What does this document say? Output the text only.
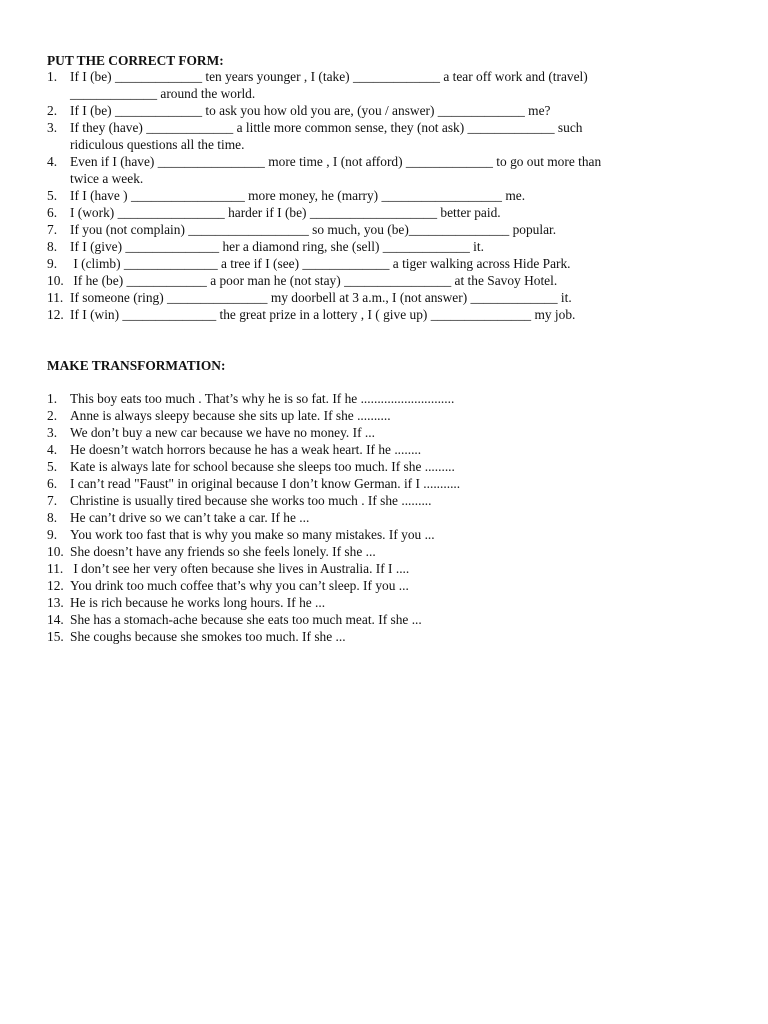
PUT THE CORRECT FORM:
1. If I (be) _____________ ten years younger , I (take) _____________ a tear off work and (travel)
_____________ around the world.
2. If I (be) _____________ to ask you how old you are, (you / answer) _____________ me?
3. If they (have) _____________ a little more common sense, they (not ask) _____________ such
ridiculous questions all the time.
4. Even if I (have) ________________ more time , I (not afford) _____________ to go out more than
twice a week.
5. If I (have ) _________________ more money, he (marry) __________________ me.
6. I (work) ________________ harder if I (be) ___________________ better paid.
7. If you (not complain) __________________ so much, you (be)_______________ popular.
8. If I (give) ______________ her a diamond ring, she (sell) _____________ it.
9. I (climb) ______________ a tree if I (see) _____________ a tiger walking across Hide Park.
10. If he (be) ____________ a poor man he (not stay) ________________ at the Savoy Hotel.
11. If someone (ring) _______________ my doorbell at 3 a.m., I (not answer) _____________ it.
12. If I (win) ______________ the great prize in a lottery , I ( give up) _______________ my job.
MAKE TRANSFORMATION:
1. This boy eats too much . That’s why he is so fat. If he ............................
2. Anne is always sleepy because she sits up late. If she ..........
3. We don’t buy a new car because we have no money. If ...
4. He doesn’t watch horrors because he has a weak heart. If he ........
5. Kate is always late for school because she sleeps too much. If she .........
6. I can’t read "Faust" in original because I don’t know German. if I ...........
7. Christine is usually tired because she works too much . If she .........
8. He can’t drive so we can’t take a car. If he ...
9. You work too fast that is why you make so many mistakes. If you ...
10. She doesn’t have any friends so she feels lonely. If she ...
11. I don’t see her very often because she lives in Australia. If I ....
12. You drink too much coffee that’s why you can’t sleep. If you ...
13. He is rich because he works long hours. If he ...
14. She has a stomach-ache because she eats too much meat. If she ...
15. She coughs because she smokes too much. If she ...
